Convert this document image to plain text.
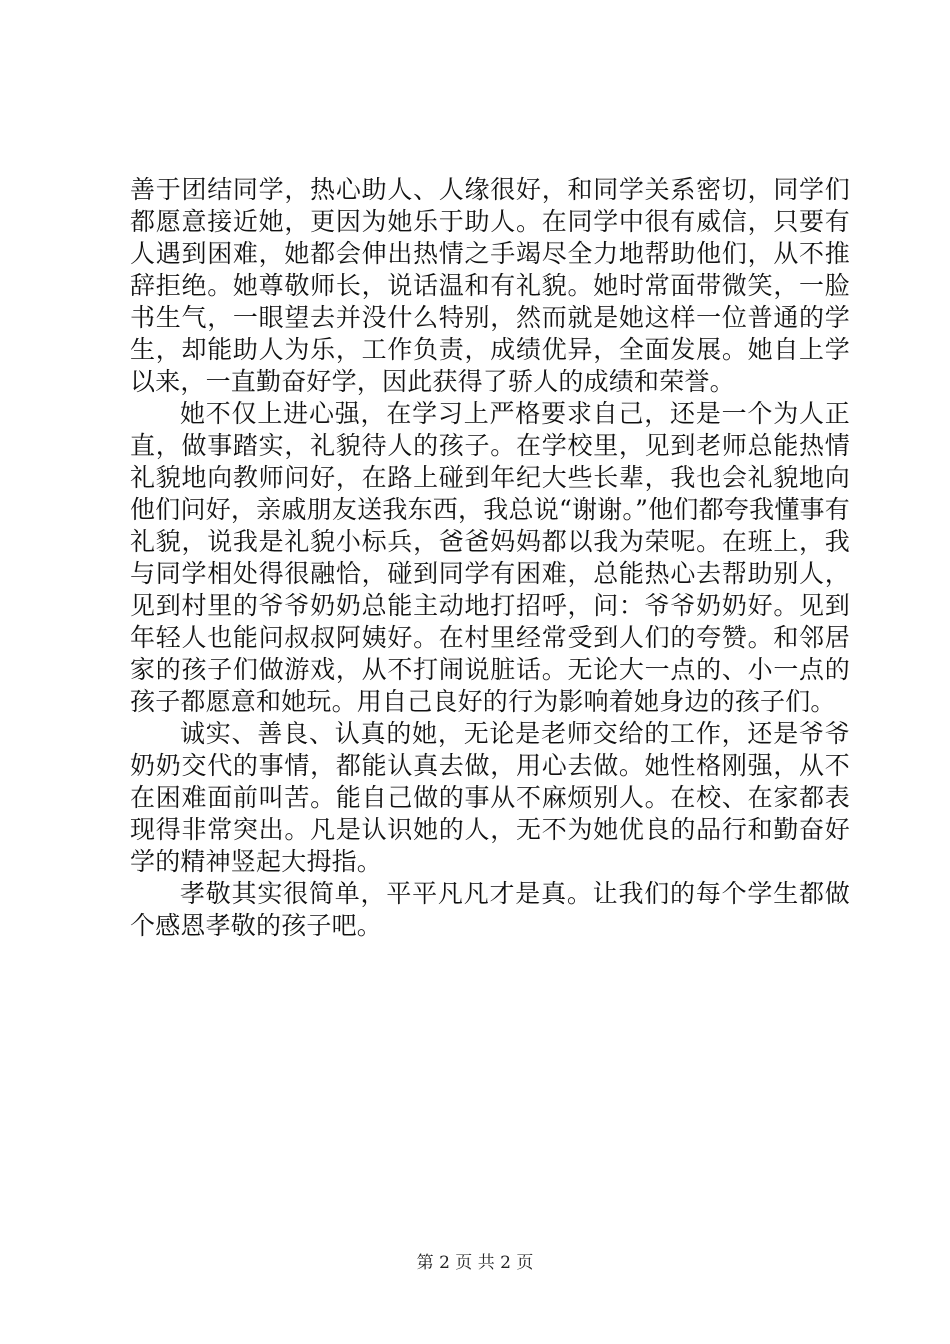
善于团结同学，热心助人、人缘很好，和同学关系密切，同学们都愿意接近她，更因为她乐于助人。在同学中很有威信，只要有人遇到困难，她都会伸出热情之手竭尽全力地帮助他们，从不推辞拒绝。她尊敬师长，说话温和有礼貌。她时常面带微笑，一脸书生气，一眼望去并没什么特别，然而就是她这样一位普通的学生，却能助人为乐，工作负责，成绩优异，全面发展。她自上学以来，一直勤奋好学，因此获得了骄人的成绩和荣誉。

她不仅上进心强，在学习上严格要求自己，还是一个为人正直，做事踏实，礼貌待人的孩子。在学校里，见到老师总能热情礼貌地向教师问好，在路上碰到年纪大些长辈，我也会礼貌地向他们问好，亲戚朋友送我东西，我总说“谢谢。”他们都夸我懂事有礼貌，说我是礼貌小标兵，爸爸妈妈都以我为荣呢。在班上，我与同学相处得很融恰，碰到同学有困难，总能热心去帮助别人，见到村里的爷爷奶奶总能主动地打招呼，问：爷爷奶奶好。见到年轻人也能问叔叔阿姨好。在村里经常受到人们的夸赞。和邻居家的孩子们做游戏，从不打闹说脏话。无论大一点的、小一点的孩子都愿意和她玩。用自己良好的行为影响着她身边的孩子们。

诚实、善良、认真的她，无论是老师交给的工作，还是爷爷奶奶交代的事情，都能认真去做，用心去做。她性格刚强，从不在困难面前叫苦。能自己做的事从不麻烦别人。在校、在家都表现得非常突出。凡是认识她的人，无不为她优良的品行和勤奋好学的精神竖起大拇指。

孝敬其实很简单，平平凡凡才是真。让我们的每个学生都做个感恩孝敬的孩子吧。

第 2 页 共 2 页
